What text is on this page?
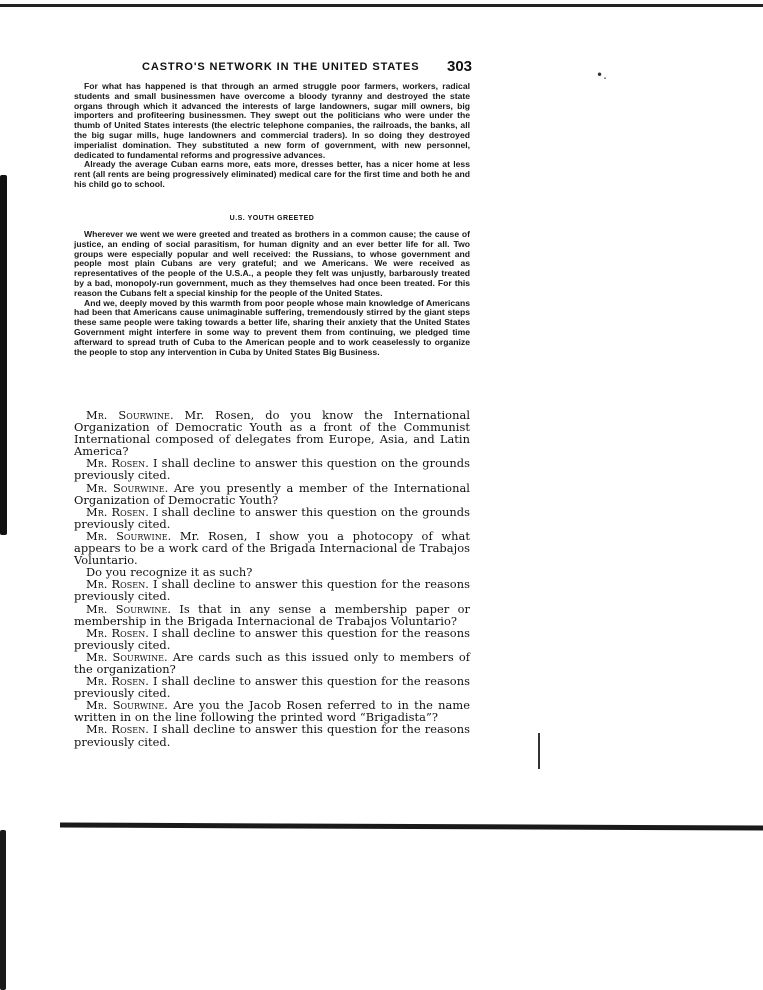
•.
CASTRO'S NETWORK IN THE UNITED STATES 303

For what has happened is that through an armed struggle poor farmers, workers, radical students and small businessmen have overcome a bloody tyranny and destroyed the state organs through which it advanced the interests of large landowners, sugar mill owners, big importers and profiteering businessmen. They swept out the politicians who were under the thumb of United States interests (the electric telephone companies, the railroads, the banks, all the big sugar mills, huge landowners and commercial traders). In so doing they destroyed imperialist domination. They substituted a new form of government, with new personnel, dedicated to fundamental reforms and progressive advances.

Already the average Cuban earns more, eats more, dresses better, has a nicer home at less rent (all rents are being progressively eliminated) medical care for the first time and both he and his child go to school.

U.S. YOUTH GREETED

Wherever we went we were greeted and treated as brothers in a common cause; the cause of justice, an ending of social parasitism, for human dignity and an ever better life for all. Two groups were especially popular and well received: the Russians, to whose government and people most plain Cubans are very grateful; and we Americans. We were received as representatives of the people of the U.S.A., a people they felt was unjustly, barbarously treated by a bad, monopoly-run government, much as they themselves had once been treated. For this reason the Cubans felt a special kinship for the people of the United States.

And we, deeply moved by this warmth from poor people whose main knowledge of Americans had been that Americans cause unimaginable suffering, tremendously stirred by the giant steps these same people were taking towards a better life, sharing their anxiety that the United States Government might interfere in some way to prevent them from continuing, we pledged time afterward to spread truth of Cuba to the American people and to work ceaselessly to organize the people to stop any intervention in Cuba by United States Big Business.

Mr. Sourwine. Mr. Rosen, do you know the International Organization of Democratic Youth as a front of the Communist International composed of delegates from Europe, Asia, and Latin America?

Mr. Rosen. I shall decline to answer this question on the grounds previously cited.

Mr. Sourwine. Are you presently a member of the International Organization of Democratic Youth?

Mr. Rosen. I shall decline to answer this question on the grounds previously cited.

Mr. Sourwine. Mr. Rosen, I show you a photocopy of what appears to be a work card of the Brigada Internacional de Trabajos Voluntario.

Do you recognize it as such?

Mr. Rosen. I shall decline to answer this question for the reasons previously cited.

Mr. Sourwine. Is that in any sense a membership paper or membership in the Brigada Internacional de Trabajos Voluntario?

Mr. Rosen. I shall decline to answer this question for the reasons previously cited.

Mr. Sourwine. Are cards such as this issued only to members of the organization?

Mr. Rosen. I shall decline to answer this question for the reasons previously cited.

Mr. Sourwine. Are you the Jacob Rosen referred to in the name written in on the line following the printed word “Brigadista”?

Mr. Rosen. I shall decline to answer this question for the reasons previously cited.
